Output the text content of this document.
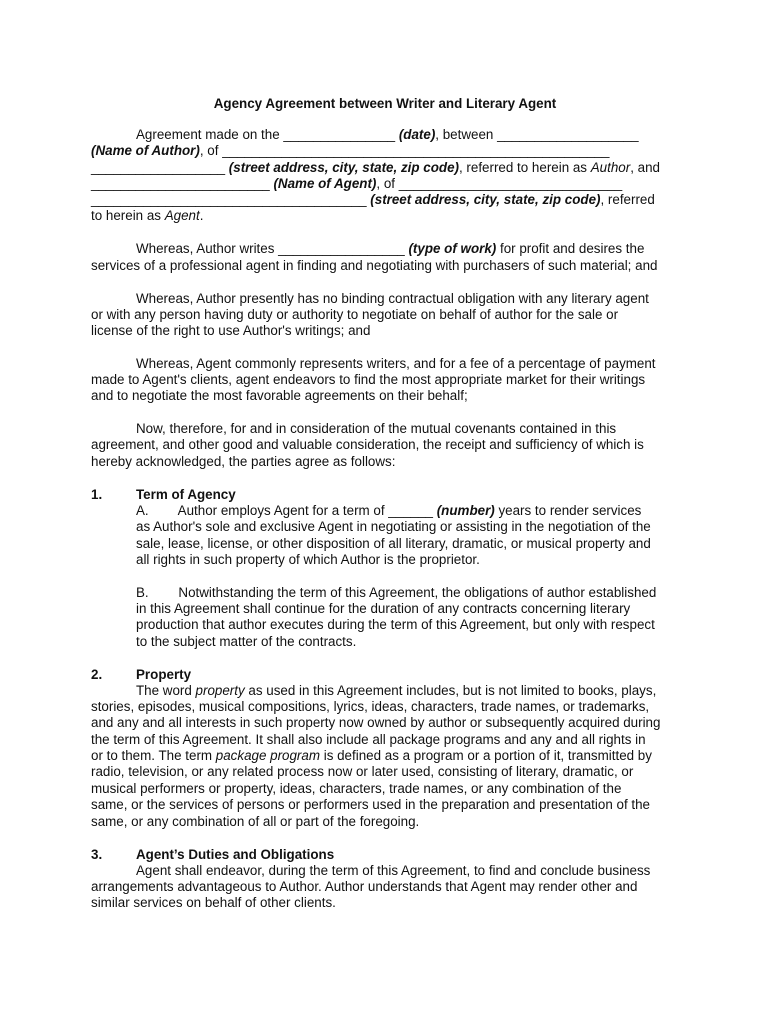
Agency Agreement between Writer and Literary Agent
Agreement made on the _______________ (date), between ___________________
(Name of Author), of ____________________________________________________
__________________ (street address, city, state, zip code), referred to herein as Author, and
________________________ (Name of Agent), of ______________________________
_____________________________________ (street address, city, state, zip code), referred
to herein as Agent.
Whereas, Author writes _________________ (type of work) for profit and desires the
services of a professional agent in finding and negotiating with purchasers of such material; and
Whereas, Author presently has no binding contractual obligation with any literary agent
or with any person having duty or authority to negotiate on behalf of author for the sale or
license of the right to use Author's writings; and
Whereas, Agent commonly represents writers, and for a fee of a percentage of payment
made to Agent's clients, agent endeavors to find the most appropriate market for their writings
and to negotiate the most favorable agreements on their behalf;
Now, therefore, for and in consideration of the mutual covenants contained in this
agreement, and other good and valuable consideration, the receipt and sufficiency of which is
hereby acknowledged, the parties agree as follows:
Term of Agency
A.        Author employs Agent for a term of ______ (number) years to render services
as Author's sole and exclusive Agent in negotiating or assisting in the negotiation of the
sale, lease, license, or other disposition of all literary, dramatic, or musical property and
all rights in such property of which Author is the proprietor.
B.        Notwithstanding the term of this Agreement, the obligations of author established
in this Agreement shall continue for the duration of any contracts concerning literary
production that author executes during the term of this Agreement, but only with respect
to the subject matter of the contracts.
Property
The word property as used in this Agreement includes, but is not limited to books, plays,
stories, episodes, musical compositions, lyrics, ideas, characters, trade names, or trademarks,
and any and all interests in such property now owned by author or subsequently acquired during
the term of this Agreement. It shall also include all package programs and any and all rights in
or to them. The term package program is defined as a program or a portion of it, transmitted by
radio, television, or any related process now or later used, consisting of literary, dramatic, or
musical performers or property, ideas, characters, trade names, or any combination of the
same, or the services of persons or performers used in the preparation and presentation of the
same, or any combination of all or part of the foregoing.
Agent’s Duties and Obligations
Agent shall endeavor, during the term of this Agreement, to find and conclude business
arrangements advantageous to Author. Author understands that Agent may render other and
similar services on behalf of other clients.
1.
2.
3.
